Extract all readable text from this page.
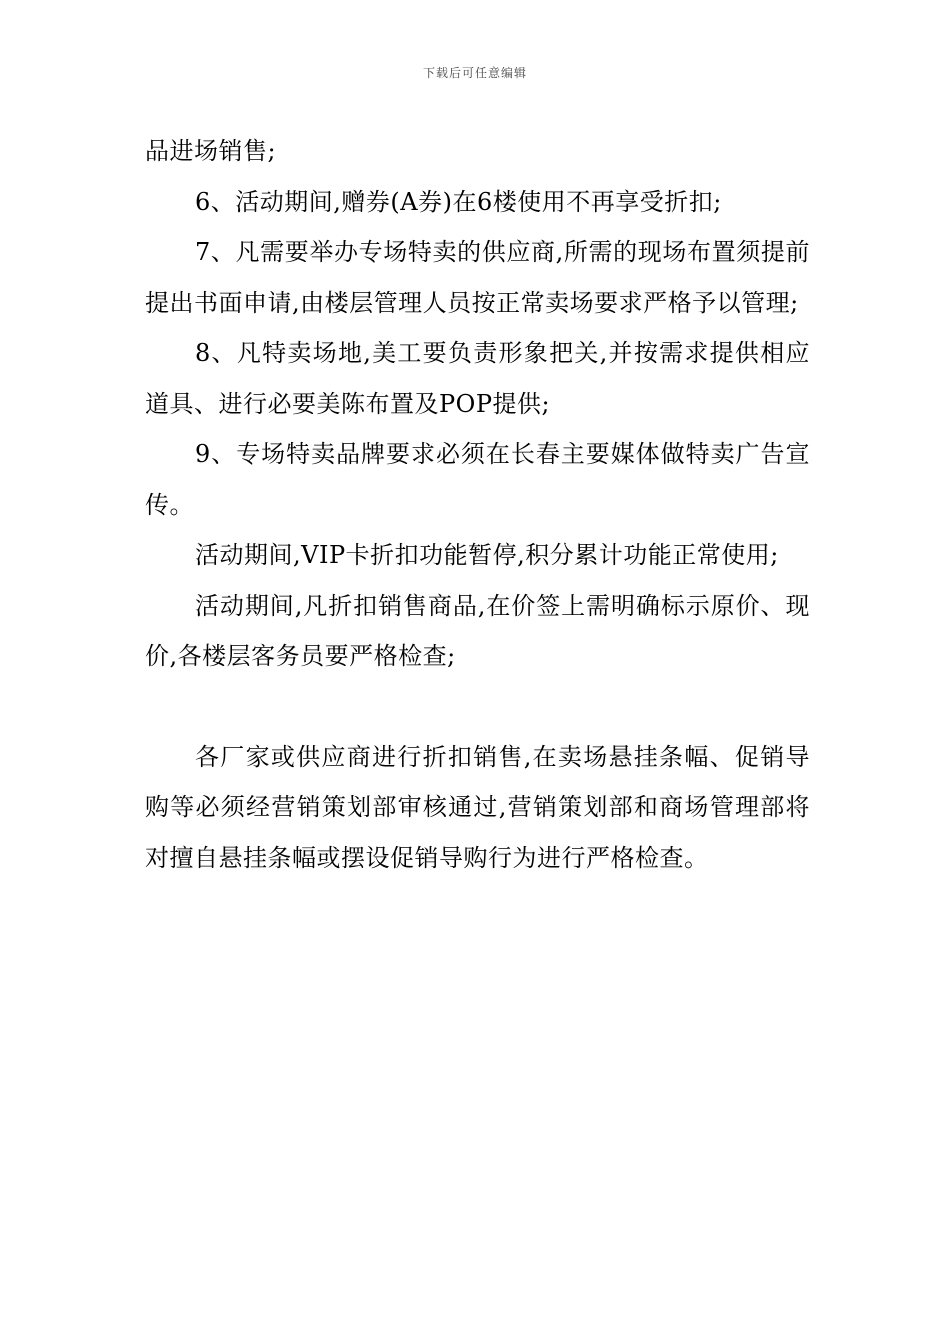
下载后可任意编辑

品进场销售;

6、活动期间,赠券(A券)在6楼使用不再享受折扣;

7、凡需要举办专场特卖的供应商,所需的现场布置须提前提出书面申请,由楼层管理人员按正常卖场要求严格予以管理;

8、凡特卖场地,美工要负责形象把关,并按需求提供相应道具、进行必要美陈布置及POP提供;

9、专场特卖品牌要求必须在长春主要媒体做特卖广告宣传。

活动期间,VIP卡折扣功能暂停,积分累计功能正常使用;

活动期间,凡折扣销售商品,在价签上需明确标示原价、现价,各楼层客务员要严格检查;

各厂家或供应商进行折扣销售,在卖场悬挂条幅、促销导购等必须经营销策划部审核通过,营销策划部和商场管理部将对擅自悬挂条幅或摆设促销导购行为进行严格检查。
